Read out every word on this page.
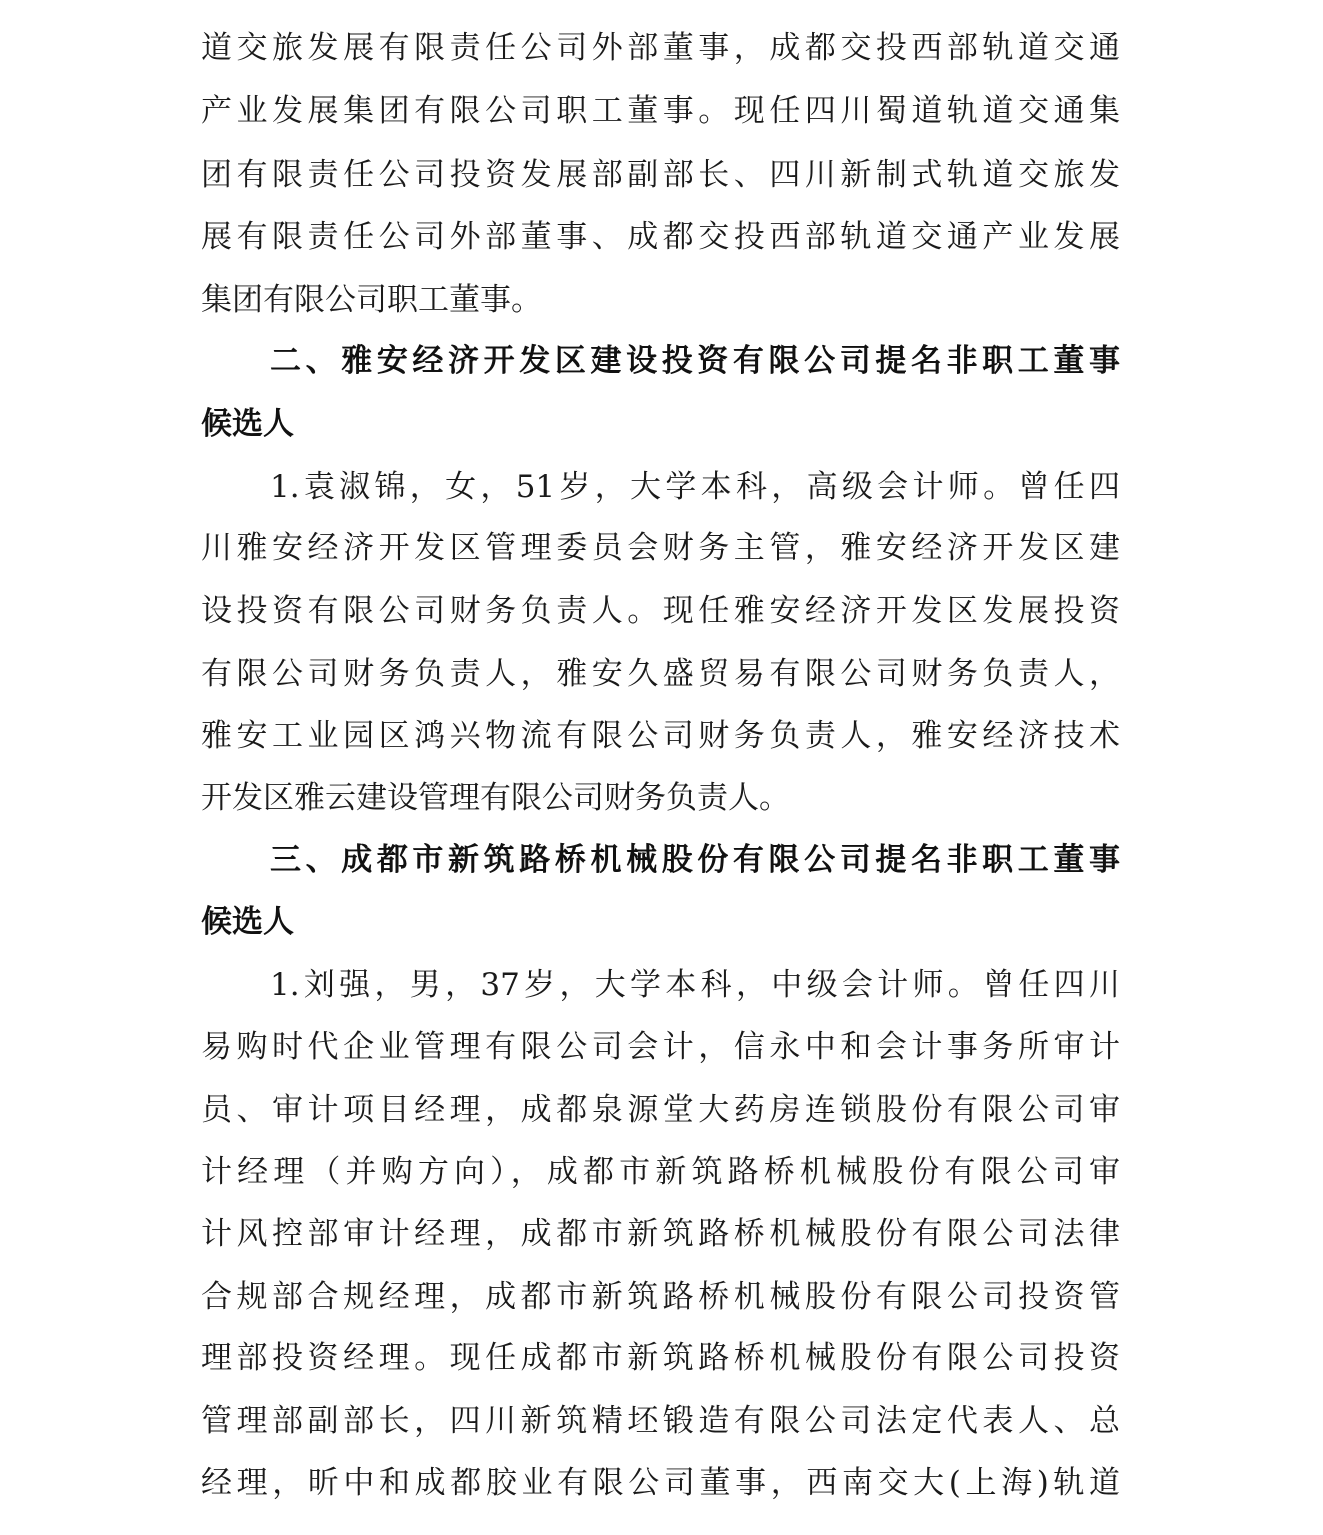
道交旅发展有限责任公司外部董事，成都交投西部轨道交通
产业发展集团有限公司职工董事。现任四川蜀道轨道交通集
团有限责任公司投资发展部副部长、四川新制式轨道交旅发
展有限责任公司外部董事、成都交投西部轨道交通产业发展
集团有限公司职工董事。
二、雅安经济开发区建设投资有限公司提名非职工董事
候选人
1.袁淑锦，女，51岁，大学本科，高级会计师。曾任四
川雅安经济开发区管理委员会财务主管，雅安经济开发区建
设投资有限公司财务负责人。现任雅安经济开发区发展投资
有限公司财务负责人，雅安久盛贸易有限公司财务负责人，
雅安工业园区鸿兴物流有限公司财务负责人，雅安经济技术
开发区雅云建设管理有限公司财务负责人。
三、成都市新筑路桥机械股份有限公司提名非职工董事
候选人
1.刘强，男，37岁，大学本科，中级会计师。曾任四川
易购时代企业管理有限公司会计，信永中和会计事务所审计
员、审计项目经理，成都泉源堂大药房连锁股份有限公司审
计经理（并购方向），成都市新筑路桥机械股份有限公司审
计风控部审计经理，成都市新筑路桥机械股份有限公司法律
合规部合规经理，成都市新筑路桥机械股份有限公司投资管
理部投资经理。现任成都市新筑路桥机械股份有限公司投资
管理部副部长，四川新筑精坯锻造有限公司法定代表人、总
经理，昕中和成都胶业有限公司董事，西南交大(上海)轨道
